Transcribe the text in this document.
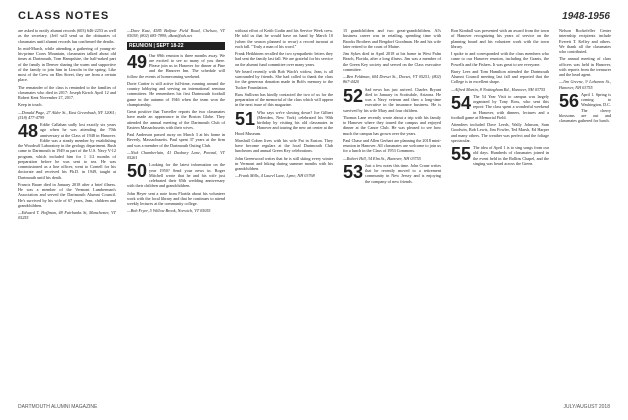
CLASS NOTES	1948-1956

are asked to notify alumni records (603) 646-2253 as well as the secretary. (Jeff will send us the obituaries of classmates until alumni records has confirmed the deaths.

In mid-March, while attending a gathering of young-at-his-prime Coors Mountain, classmates talked about old times at Dartmouth, Tom Hampshire, the half-naked part of the family in Denver sharing the warm and supportive of the family to join him in Lincoln in the spring. Like most of the Crew on Elm Street, they are from a certain place.

The remainder of the class is reminded to the families of classmates who died in 2017: Joseph Kirsch April 12 and Robert Kent November 27, 2017.

Keep in touch.

—Donald Page, 27 Alder St., East Greenbush, NY 12061; (518) 477-4799

48 Eddie Callahan sadly lost exactly six years ago when he was attending the 70th anniversary at the Class of 1948 in Hanover. Eddie was a steady member by establishing the Woodruff Laboratory in the geology department. Rush came to Dartmouth in 1949 as part of the U.S. Navy V-12 program, which included him for 1 1/2 months of preparation before he was sent to sea. He was commissioned as a line officer, went to Cornell for his doctorate and received his Ph.D. in 1949, taught at Dartmouth until his death.

Francis Bauer died in January 2018 after a brief illness. He was a member of the Vermont Lumberman's Association and served the Dartmouth Alumni Council. He's survived by his wife of 67 years, Jean, children and grandchildren.

—Edward T. Hoffman, 48 Fairbanks St, Manchester, VT 05255

—Dave Kast, 4585 Balfour Field Road, Chelsea, VT 05038; (802) 685-7890; dkast@tds.net

REUNION | SEPT 18-22

49 Our 69th reunion is three months away. We are excited to see so many of you there. Please join us in Hanover for dinner at Pine and the Hanover Inn. The schedule will follow the events of homecoming weekend.

Dorie Cartier is still active full-time, running around the country lobbying and serving on international seminar committees. He remembers his first Dartmouth football game in the autumn of 1946 when the team won the championship.

Great positive that Traveller reports the two classmates have made an appearance in the Boston Globe. They attended the annual meeting of the Dartmouth Club of Eastern Massachusetts with their wives.

Paul Anderson passed away on March 3 at his home in Beverly, Massachusetts. Paul spent 37 years at the firm and was a member of the Dartmouth Outing Club.

—Nick Chamberlain, 41 Duxbury Lane, Pownal, VT 05261

50 Looking for the latest information on the year 1950? Send your news in. Roger Mitchell wrote that he and his wife just celebrated their 65th wedding anniversary with their children and grandchildren.

John Heyer sent a note from Florida about his volunteer work with the local library and that he continues to attend weekly lectures at the community college.

—Bob Fryer, 5 Willow Brook, Norwich, VT 05055

without effort of Keith Godin and his Service Week crew. He told us that he would have on hand by March 10 (when the season planned to recur) a record turnout at each fall. "Truly a man of his word."

Frank Heikkinen recalled the two sympathetic letters they had sent the family last fall. We are grateful for his service on the alumni fund committee over many years.

We heard recently with Bob Wach's widow, Jean, is all surrounded by friends. She had called to thank the class for the generous donation made in Bob's memory to the Tucker Foundation.

Russ Sullivan has kindly contacted the two of us for the preparation of the memorial of the class which will appear in the next issue of this magazine.

51 Who says we're slowing down? Joe Gilbert (Meriden, New York) celebrated his 90th birthday by visiting his old classmates in Hanover and touring the new art center at the Hood Museum.

Marshall Cohen lives with his wife Pat in Easton. They have become regulars at the local Dartmouth Club luncheons and annual Green Key celebrations.

John Greenwood writes that he is still skiing every winter in Vermont and hiking during summer months with his grandchildren.

—Frank Mills, 4 Laurel Lane, Lyme, NH 03768

15 grandchildren and two great-grandchildren. Al's business career was in retailing, spending time with Brooks Brothers and Bergdorf Goodman. He and his wife later retired to the coast of Maine.

Jim Sykes died in April 2018 at his home in West Palm Beach, Florida, after a long illness. Jim was a member of the Green Key society and served on the Class executive committee.

—Ben Feldman, 604 Dorset St., Dorset, VT 05251; (802) 867-4420

52 Sad news has just arrived. Charles Bryant died in January in Scottsdale, Arizona. He was a Navy veteran and then a long-time executive in the insurance business. He is survived by his wife Mary and four children.

Thomas Lane recently wrote about a trip with his family to Hanover where they toured the campus and enjoyed dinner at the Canoe Club. He was pleased to see how much the campus has grown over the years.

Paul Chase and Allen Gerhart are planning the 2018 mini-reunion in Hanover. All classmates are welcome to join us for a lunch in the Class of 1953 Commons.

—Robert Hill, 34 Elm St., Hanover, NH 03755

53 Just a few notes this time. John Crane writes that he recently moved to a retirement community in New Jersey and is enjoying the company of new friends.

Ron Kimball was presented with an award from the town of Hanover recognizing his years of service on the planning board and his volunteer work with the town library.

I spoke to and corresponded with the class members who came to our Hanover reunion, including the Grants, the Powells and the Fishers. It was great to see everyone.

Barry Lees and Tom Hamilton attended the Dartmouth Alumni Council meeting last fall and reported that the College is in excellent shape.

—Alfred Martin, 8 Nottingham Rd., Hanover, NH 03755

54 The 54 Year Visit to campus was largely organized by Tony Ross, who sent this report: The class spent a wonderful weekend in Hanover, with dinners, lectures and a football game at Memorial Field.

Attendees included Dave Leeds, Wally Johnson, Sam Goodwin, Bob Lewis, Jim Fowler, Ted Marsh, Ed Harper and many others. The weather was perfect and the foliage spectacular.

55 The idea of April 1 is to sing songs from our old days. Hundreds of classmates joined in the event held in the Rollins Chapel, and the singing was heard across the Green.

Nelson Rockefeller Center internship recipients include Everett T. Kelley and others. We thank all the classmates who contributed.

The annual meeting of class officers was held in Hanover, with reports from the treasurer and the head agent.

—Jim Greene, 9 Lebanon St., Hanover, NH 03755

56 April 1. Spring is coming to Washington, D.C. The cherry blossoms are out and classmates gathered for lunch.

DARTMOUTH ALUMNI MAGAZINE	JULY/AUGUST 2018
